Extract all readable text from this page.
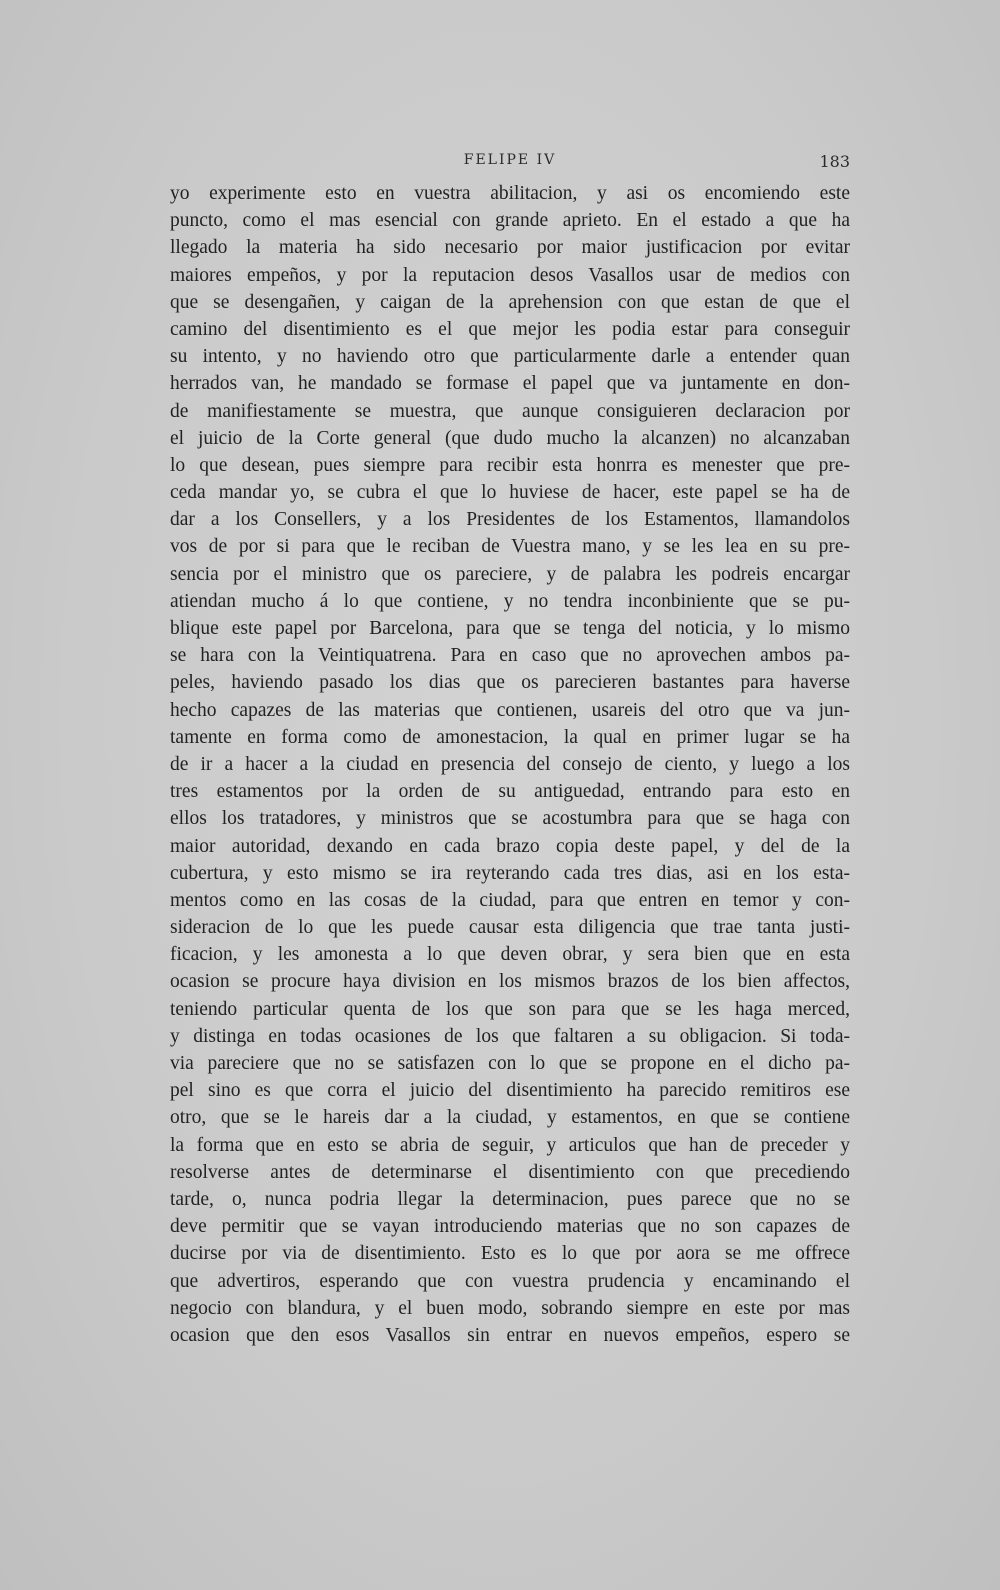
FELIPE IV	183
yo experimente esto en vuestra abilitacion, y asi os encomiendo este
puncto, como el mas esencial con grande aprieto. En el estado a que ha
llegado la materia ha sido necesario por maior justificacion por evitar
maiores empeños, y por la reputacion desos Vasallos usar de medios con
que se desengañen, y caigan de la aprehension con que estan de que el
camino del disentimiento es el que mejor les podia estar para conseguir
su intento, y no haviendo otro que particularmente darle a entender quan
herrados van, he mandado se formase el papel que va juntamente en don-
de manifiestamente se muestra, que aunque consiguieren declaracion por
el juicio de la Corte general (que dudo mucho la alcanzen) no alcanzaban
lo que desean, pues siempre para recibir esta honrra es menester que pre-
ceda mandar yo, se cubra el que lo huviese de hacer, este papel se ha de
dar a los Consellers, y a los Presidentes de los Estamentos, llamandolos
vos de por si para que le reciban de Vuestra mano, y se les lea en su pre-
sencia por el ministro que os pareciere, y de palabra les podreis encargar
atiendan mucho á lo que contiene, y no tendra inconbiniente que se pu-
blique este papel por Barcelona, para que se tenga del noticia, y lo mismo
se hara con la Veintiquatrena. Para en caso que no aprovechen ambos pa-
peles, haviendo pasado los dias que os parecieren bastantes para haverse
hecho capazes de las materias que contienen, usareis del otro que va jun-
tamente en forma como de amonestacion, la qual en primer lugar se ha
de ir a hacer a la ciudad en presencia del consejo de ciento, y luego a los
tres estamentos por la orden de su antiguedad, entrando para esto en
ellos los tratadores, y ministros que se acostumbra para que se haga con
maior autoridad, dexando en cada brazo copia deste papel, y del de la
cubertura, y esto mismo se ira reyterando cada tres dias, asi en los esta-
mentos como en las cosas de la ciudad, para que entren en temor y con-
sideracion de lo que les puede causar esta diligencia que trae tanta justi-
ficacion, y les amonesta a lo que deven obrar, y sera bien que en esta
ocasion se procure haya division en los mismos brazos de los bien affectos,
teniendo particular quenta de los que son para que se les haga merced,
y distinga en todas ocasiones de los que faltaren a su obligacion. Si toda-
via pareciere que no se satisfazen con lo que se propone en el dicho pa-
pel sino es que corra el juicio del disentimiento ha parecido remitiros ese
otro, que se le hareis dar a la ciudad, y estamentos, en que se contiene
la forma que en esto se abria de seguir, y articulos que han de preceder y
resolverse antes de determinarse el disentimiento con que precediendo
tarde, o, nunca podria llegar la determinacion, pues parece que no se
deve permitir que se vayan introduciendo materias que no son capazes de
ducirse por via de disentimiento. Esto es lo que por aora se me offrece
que advertiros, esperando que con vuestra prudencia y encaminando el
negocio con blandura, y el buen modo, sobrando siempre en este por mas
ocasion que den esos Vasallos sin entrar en nuevos empeños, espero se
